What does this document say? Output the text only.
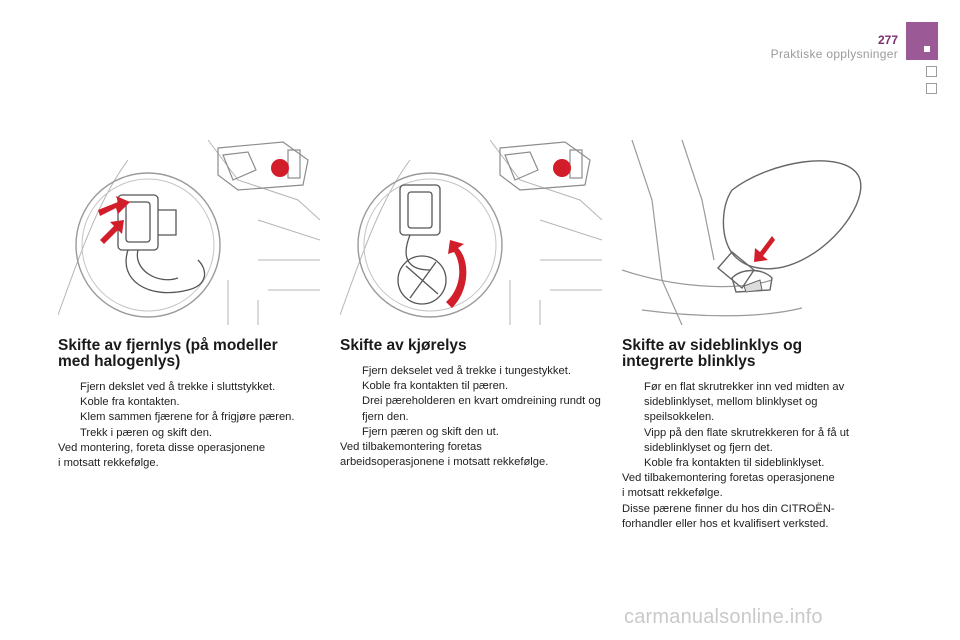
277
Praktiske opplysninger
Skifte av fjernlys (på modeller
med halogenlys)
Fjern dekslet ved å trekke i sluttstykket.
Koble fra kontakten.
Klem sammen fjærene for å frigjøre pæren.
Trekk i pæren og skift den.

Ved montering, foreta disse operasjonene

i motsatt rekkefølge.

Skifte av kjørelys
Fjern dekselet ved å trekke i tungestykket.
Koble fra kontakten til pæren.
Drei pæreholderen en kvart omdreining rundt og fjern den.
Fjern pæren og skift den ut.

Ved tilbakemontering foretas

arbeidsoperasjonene i motsatt rekkefølge.

Skifte av sideblinklys og
integrerte blinklys
Før en flat skrutrekker inn ved midten av sideblinklyset, mellom blinklyset og speilsokkelen.
Vipp på den flate skrutrekkeren for å få ut sideblinklyset og fjern det.
Koble fra kontakten til sideblinklyset.

Ved tilbakemontering foretas operasjonene

i motsatt rekkefølge.

Disse pærene finner du hos din CITROËN-

forhandler eller hos et kvalifisert verksted.

carmanualsonline.info
